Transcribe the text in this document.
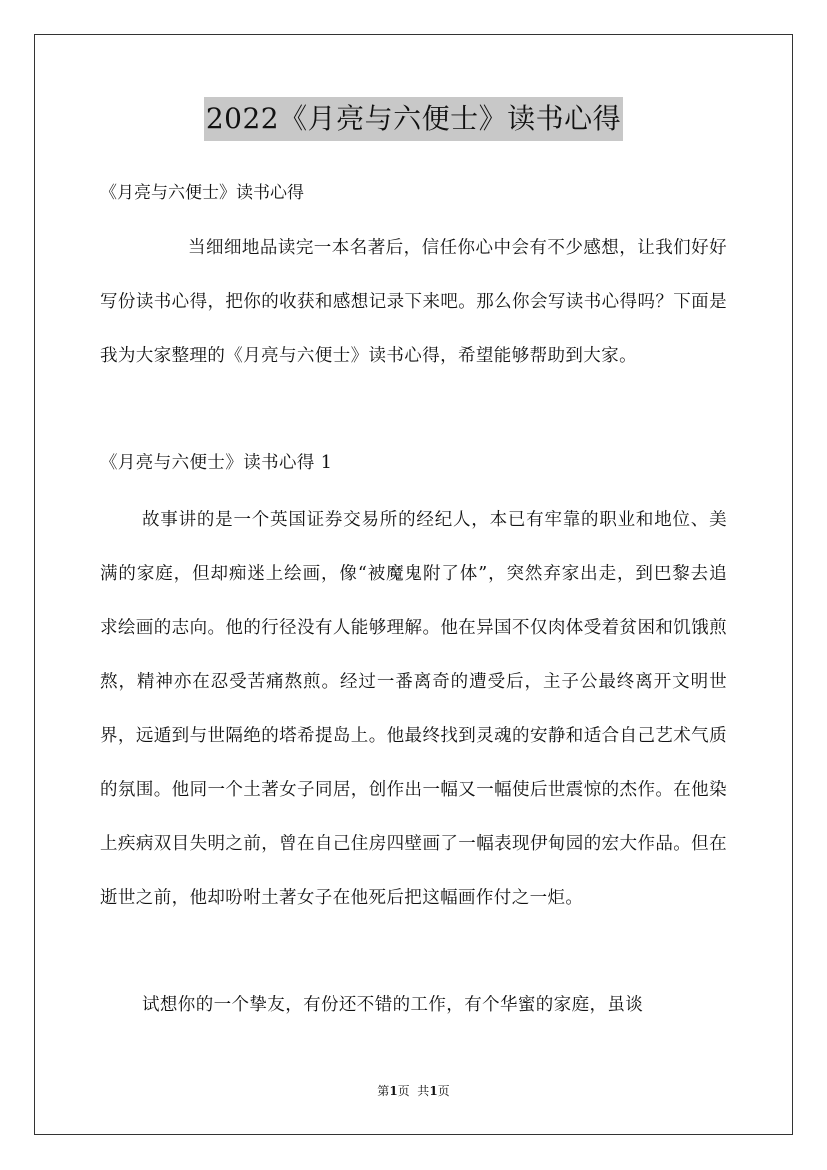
2022《月亮与六便士》读书心得
《月亮与六便士》读书心得

当细细地品读完一本名著后，信任你心中会有不少感想，让我们好好写份读书心得，把你的收获和感想记录下来吧。那么你会写读书心得吗？下面是我为大家整理的《月亮与六便士》读书心得，希望能够帮助到大家。

《月亮与六便士》读书心得 1

故事讲的是一个英国证券交易所的经纪人，本已有牢靠的职业和地位、美满的家庭，但却痴迷上绘画，像“被魔鬼附了体”，突然弃家出走，到巴黎去追求绘画的志向。他的行径没有人能够理解。他在异国不仅肉体受着贫困和饥饿煎熬，精神亦在忍受苦痛熬煎。经过一番离奇的遭受后，主子公最终离开文明世界，远遁到与世隔绝的塔希提岛上。他最终找到灵魂的安静和适合自己艺术气质的氛围。他同一个土著女子同居，创作出一幅又一幅使后世震惊的杰作。在他染上疾病双目失明之前，曾在自己住房四壁画了一幅表现伊甸园的宏大作品。但在逝世之前，他却吩咐土著女子在他死后把这幅画作付之一炬。

试想你的一个挚友，有份还不错的工作，有个华蜜的家庭，虽谈

第1页  共1页
